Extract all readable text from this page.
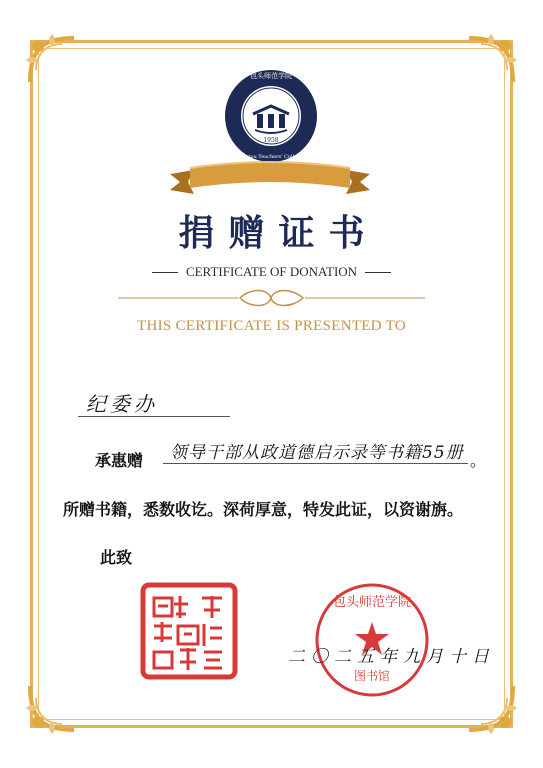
1958
包头师范学院
Baotou Teachers' College
捐赠证书
CERTIFICATE OF DONATION
THIS CERTIFICATE IS PRESENTED TO
纪委办
承惠赠 领导干部从政道德启示录等书籍55册 。
所赠书籍，悉数收讫。深荷厚意，特发此证，以资谢旃。
此致
包头师范学院
图书馆
二〇二五年九月十日
